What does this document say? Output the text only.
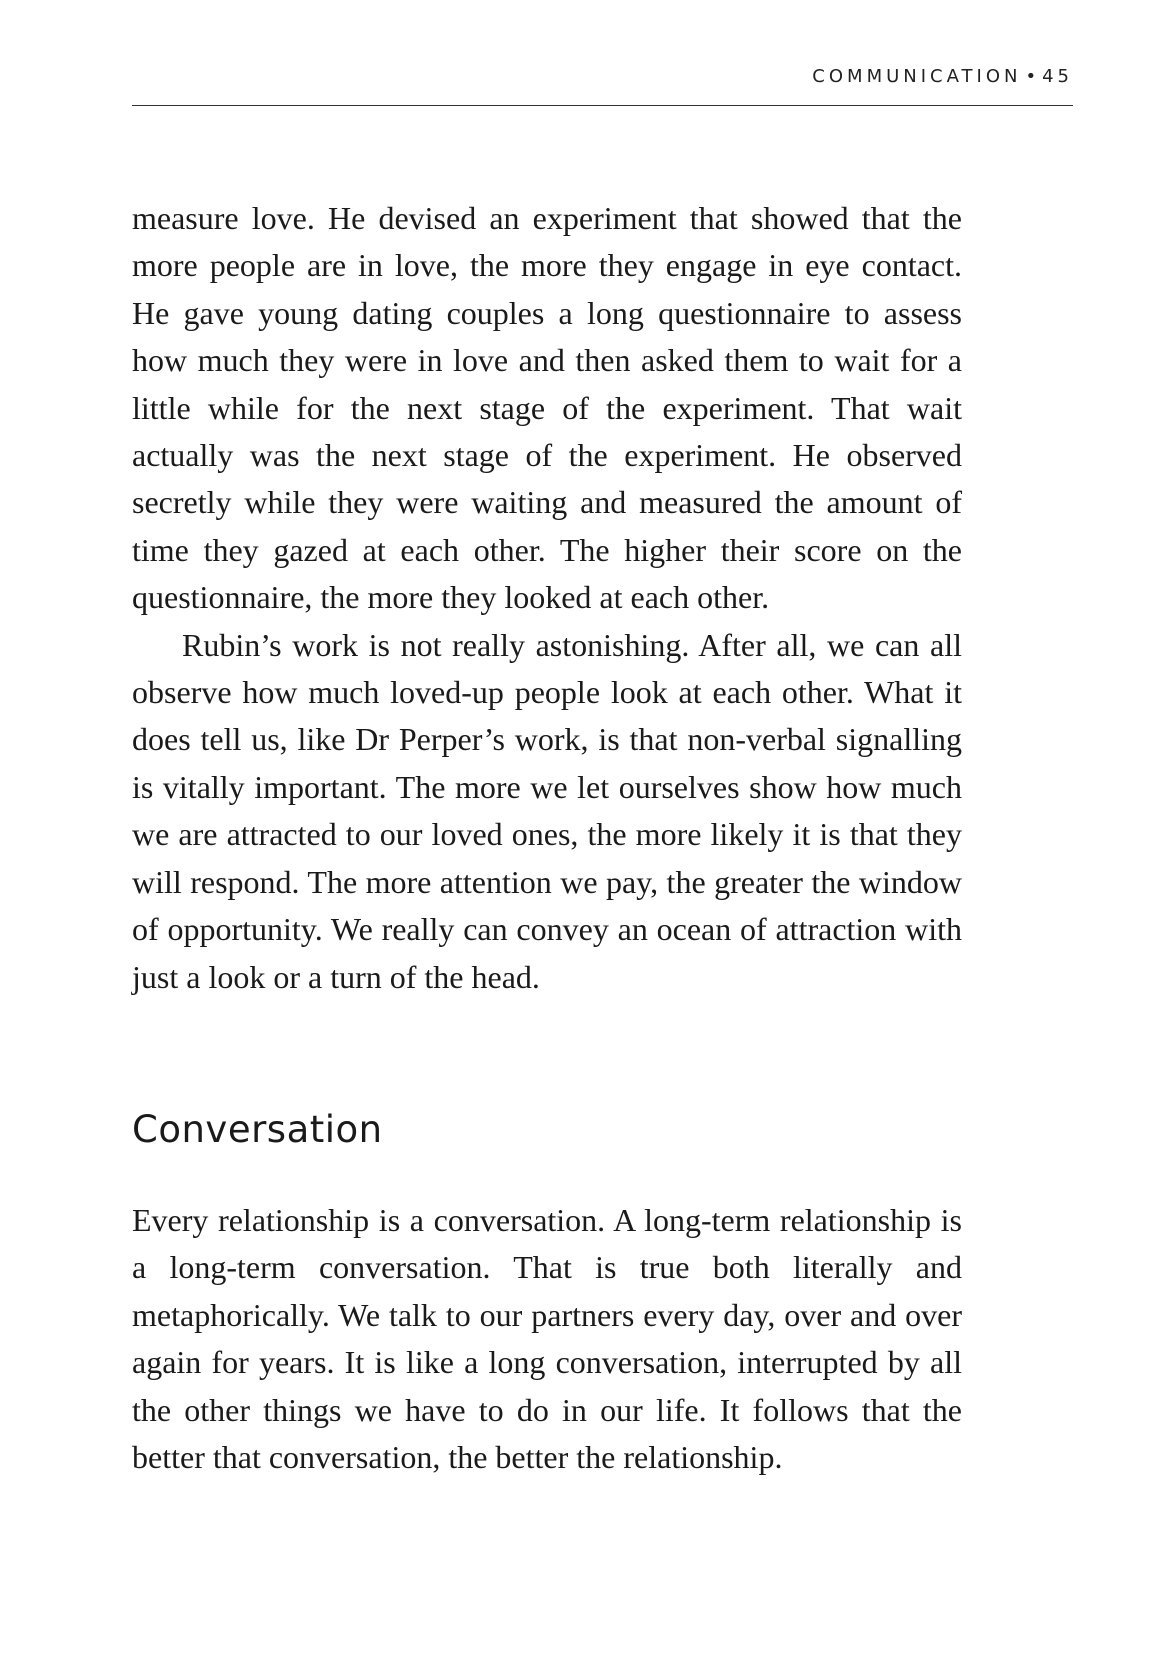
COMMUNICATION • 45

measure love. He devised an experiment that showed that the more people are in love, the more they engage in eye contact. He gave young dating couples a long questionnaire to assess how much they were in love and then asked them to wait for a little while for the next stage of the experiment. That wait actually was the next stage of the experiment. He observed secretly while they were waiting and measured the amount of time they gazed at each other. The higher their score on the questionnaire, the more they looked at each other.

Rubin’s work is not really astonishing. After all, we can all observe how much loved-up people look at each other. What it does tell us, like Dr Perper’s work, is that non-verbal signalling is vitally important. The more we let ourselves show how much we are attracted to our loved ones, the more likely it is that they will respond. The more attention we pay, the greater the window of opportunity. We really can convey an ocean of attraction with just a look or a turn of the head.

Conversation

Every relationship is a conversation. A long-term relationship is a long-term conversation. That is true both literally and metaphorically. We talk to our partners every day, over and over again for years. It is like a long conversation, interrupted by all the other things we have to do in our life. It follows that the better that conversation, the better the relationship.
